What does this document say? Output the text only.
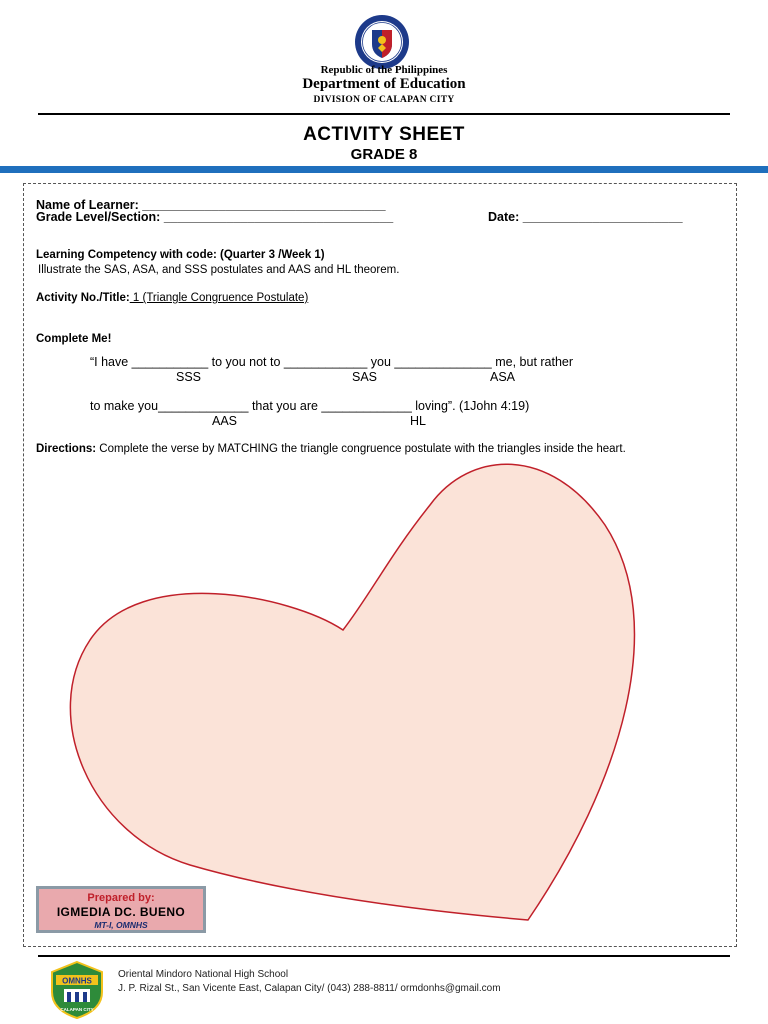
Republic of the Philippines
Department of Education
DIVISION OF CALAPAN CITY
ACTIVITY SHEET
GRADE 8
Name of Learner: ___________________________________
Grade Level/Section: _________________________________	Date: _______________________
Learning Competency with code: (Quarter 3 /Week 1)
Illustrate the SAS, ASA, and SSS postulates and AAS and HL theorem.
Activity No./Title: 1 (Triangle Congruence Postulate)
Complete Me!
“I have ___________ to you not to ____________ you ______________ me, but rather
SSS	SAS	ASA
to make you_____________ that you are _____________ loving”. (1John 4:19)
AAS	HL
Directions: Complete the verse by MATCHING the triangle congruence postulate with the triangles inside the heart.
Prepared by:
IGMEDIA DC. BUENO
MT-I, OMNHS
OMNHS
CALAPAN CITY
Oriental Mindoro National High School
J. P. Rizal St., San Vicente East, Calapan City/ (043) 288-8811/ ormdonhs@gmail.com
